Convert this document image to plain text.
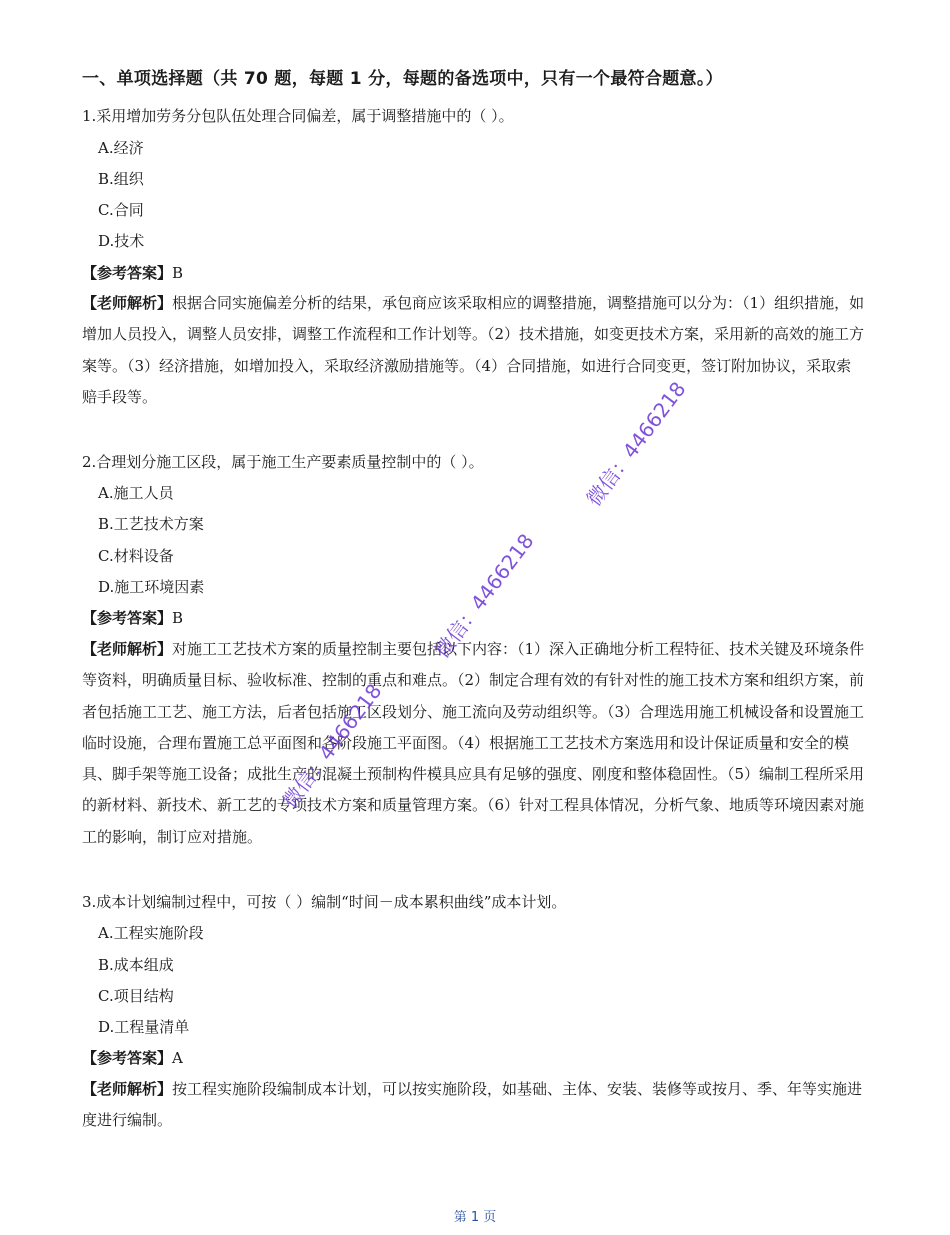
一、单项选择题（共 70 题，每题 1 分，每题的备选项中，只有一个最符合题意。）
1.采用增加劳务分包队伍处理合同偏差，属于调整措施中的（ ）。
A.经济
B.组织
C.合同
D.技术
【参考答案】B
【老师解析】根据合同实施偏差分析的结果，承包商应该采取相应的调整措施，调整措施可以分为：（1）组织措施，如增加人员投入，调整人员安排，调整工作流程和工作计划等。（2）技术措施，如变更技术方案，采用新的高效的施工方案等。（3）经济措施，如增加投入，采取经济激励措施等。（4）合同措施，如进行合同变更，签订附加协议，采取索赔手段等。
2.合理划分施工区段，属于施工生产要素质量控制中的（ ）。
A.施工人员
B.工艺技术方案
C.材料设备
D.施工环境因素
【参考答案】B
【老师解析】对施工工艺技术方案的质量控制主要包括以下内容：（1）深入正确地分析工程特征、技术关键及环境条件等资料，明确质量目标、验收标准、控制的重点和难点。（2）制定合理有效的有针对性的施工技术方案和组织方案，前者包括施工工艺、施工方法，后者包括施工区段划分、施工流向及劳动组织等。（3）合理选用施工机械设备和设置施工临时设施，合理布置施工总平面图和各阶段施工平面图。（4）根据施工工艺技术方案选用和设计保证质量和安全的模具、脚手架等施工设备；成批生产的混凝土预制构件模具应具有足够的强度、刚度和整体稳固性。（5）编制工程所采用的新材料、新技术、新工艺的专项技术方案和质量管理方案。（6）针对工程具体情况，分析气象、地质等环境因素对施工的影响，制订应对措施。
3.成本计划编制过程中，可按（ ）编制“时间－成本累积曲线”成本计划。
A.工程实施阶段
B.成本组成
C.项目结构
D.工程量清单
【参考答案】A
【老师解析】按工程实施阶段编制成本计划，可以按实施阶段，如基础、主体、安装、装修等或按月、季、年等实施进度进行编制。
微信：4466218
微信：4466218
微信：4466218
第 1 页
